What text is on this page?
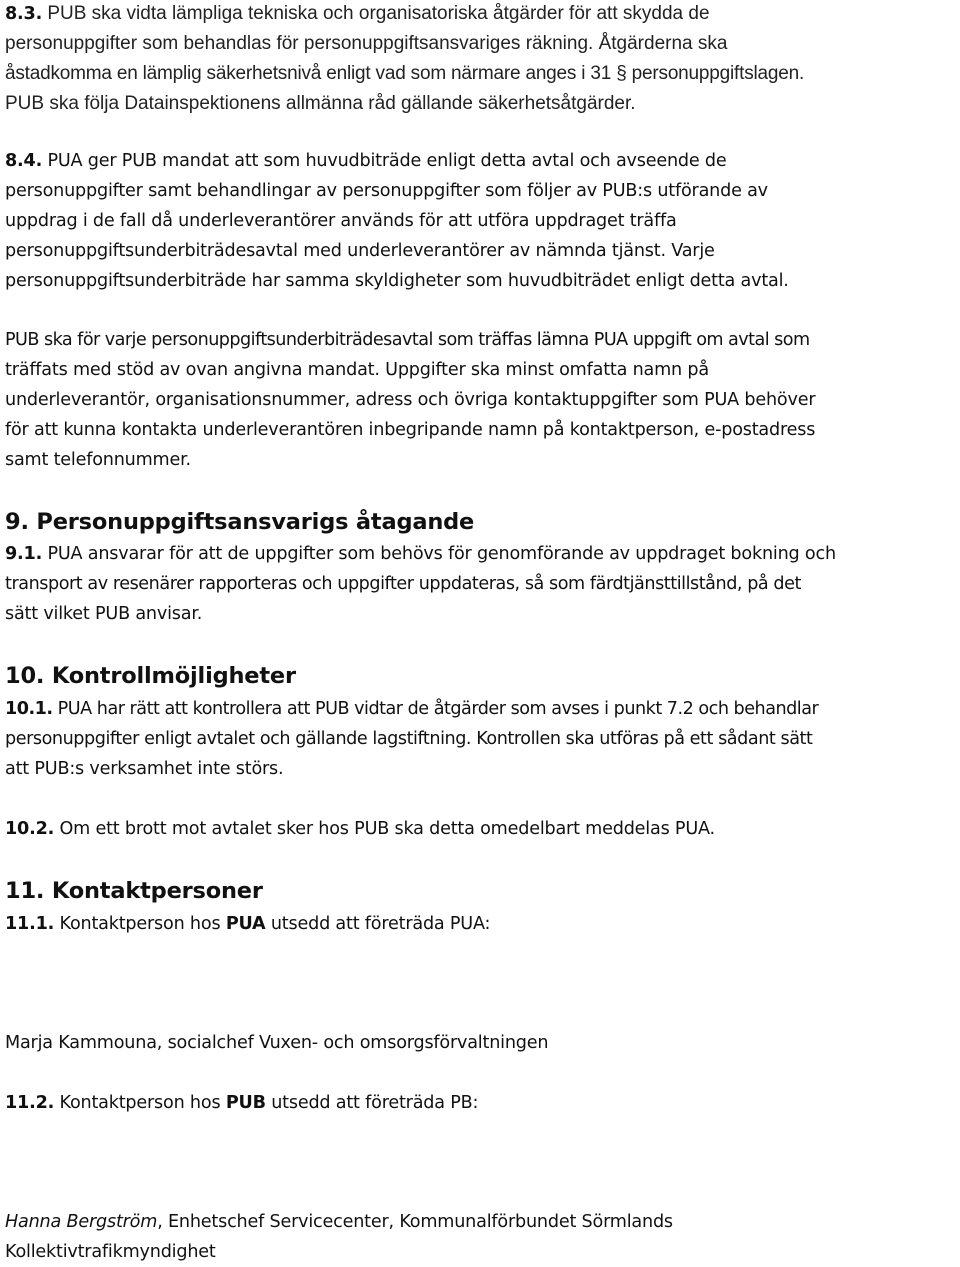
8.3. PUB ska vidta lämpliga tekniska och organisatoriska åtgärder för att skydda de
personuppgifter som behandlas för personuppgiftsansvariges räkning. Åtgärderna ska
åstadkomma en lämplig säkerhetsnivå enligt vad som närmare anges i 31 § personuppgiftslagen.
PUB ska följa Datainspektionens allmänna råd gällande säkerhetsåtgärder.

8.4. PUA ger PUB mandat att som huvudbiträde enligt detta avtal och avseende de
personuppgifter samt behandlingar av personuppgifter som följer av PUB:s utförande av
uppdrag i de fall då underleverantörer används för att utföra uppdraget träffa
personuppgiftsunderbiträdesavtal med underleverantörer av nämnda tjänst. Varje
personuppgiftsunderbiträde har samma skyldigheter som huvudbiträdet enligt detta avtal.

PUB ska för varje personuppgiftsunderbiträdesavtal som träffas lämna PUA uppgift om avtal som
träffats med stöd av ovan angivna mandat. Uppgifter ska minst omfatta namn på
underleverantör, organisationsnummer, adress och övriga kontaktuppgifter som PUA behöver
för att kunna kontakta underleverantören inbegripande namn på kontaktperson, e-postadress
samt telefonnummer.

9. Personuppgiftsansvarigs åtagande

9.1. PUA ansvarar för att de uppgifter som behövs för genomförande av uppdraget bokning och
transport av resenärer rapporteras och uppgifter uppdateras, så som färdtjänsttillstånd, på det
sätt vilket PUB anvisar.

10. Kontrollmöjligheter

10.1. PUA har rätt att kontrollera att PUB vidtar de åtgärder som avses i punkt 7.2 och behandlar
personuppgifter enligt avtalet och gällande lagstiftning. Kontrollen ska utföras på ett sådant sätt
att PUB:s verksamhet inte störs.

10.2. Om ett brott mot avtalet sker hos PUB ska detta omedelbart meddelas PUA.

11. Kontaktpersoner

11.1. Kontaktperson hos PUA utsedd att företräda PUA:

Marja Kammouna, socialchef Vuxen- och omsorgsförvaltningen

11.2. Kontaktperson hos PUB utsedd att företräda PB:

Hanna Bergström, Enhetschef Servicecenter, Kommunalförbundet Sörmlands
Kollektivtrafikmyndighet
